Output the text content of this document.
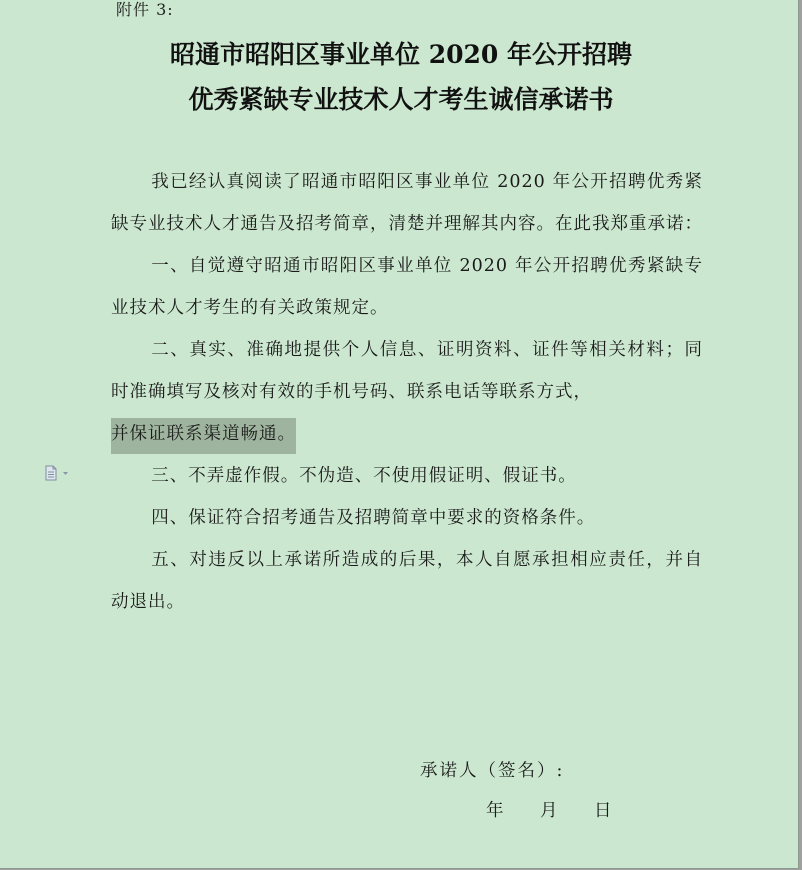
附件 3:
昭通市昭阳区事业单位 2020 年公开招聘
优秀紧缺专业技术人才考生诚信承诺书

我已经认真阅读了昭通市昭阳区事业单位 2020 年公开招聘优秀紧缺专业技术人才通告及招考简章，清楚并理解其内容。在此我郑重承诺：

一、自觉遵守昭通市昭阳区事业单位 2020 年公开招聘优秀紧缺专业技术人才考生的有关政策规定。

二、真实、准确地提供个人信息、证明资料、证件等相关材料；同时准确填写及核对有效的手机号码、联系电话等联系方式，
并保证联系渠道畅通。

三、不弄虚作假。不伪造、不使用假证明、假证书。

四、保证符合招考通告及招聘简章中要求的资格条件。

五、对违反以上承诺所造成的后果，本人自愿承担相应责任，并自动退出。

承诺人（签名）:
年 月 日
